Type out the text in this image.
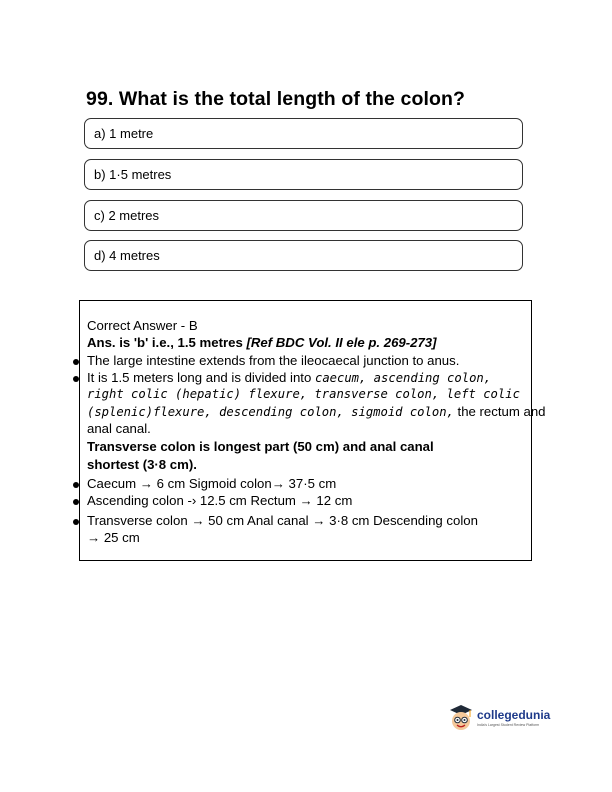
99. What is the total length of the colon?
a) 1 metre
b) 1·5 metres
c) 2 metres
d) 4 metres
Correct Answer - B
Ans. is 'b' i.e., 1.5 metres [Ref BDC Vol. II ele p. 269-273]
The large intestine extends from the ileocaecal junction to anus.
It is 1.5 meters long and is divided into caecum, ascending colon,
right colic (hepatic) flexure, transverse colon, left colic
(splenic)flexure, descending colon, sigmoid colon, the rectum and
anal canal.
Transverse colon is longest part (50 cm) and anal canal
shortest (3·8 cm).
Caecum → 6 cm Sigmoid colon→ 37·5 cm
Ascending colon -› 12.5 cm Rectum → 12 cm
Transverse colon → 50 cm Anal canal → 3·8 cm Descending colon
→ 25 cm
collegedunia
India's Largest Student Review Platform
